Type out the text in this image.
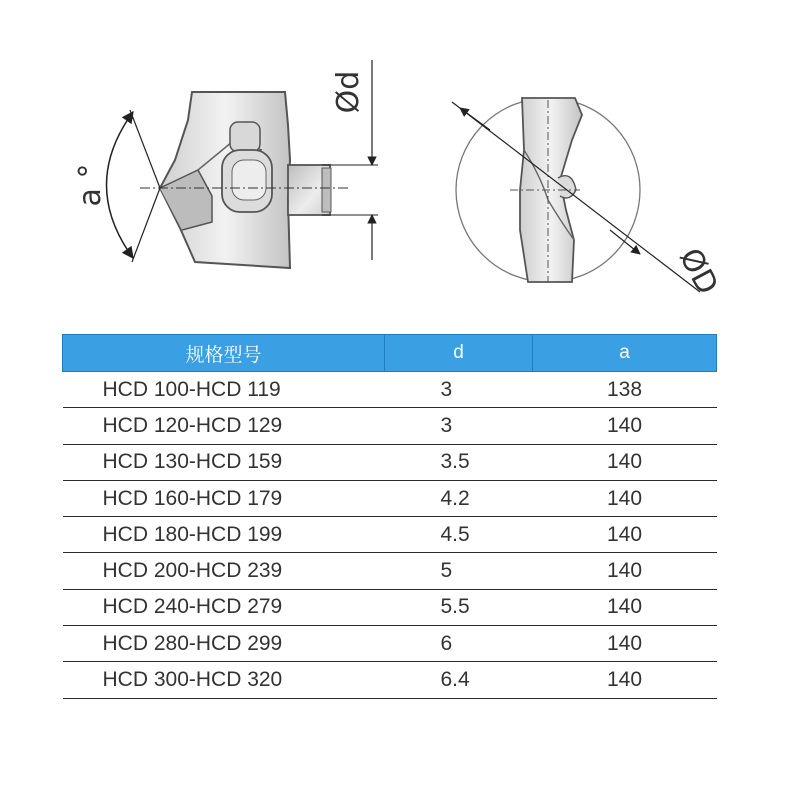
a °
Ød
ØD
规格型号	d	a
HCD 100-HCD 119	3	138
HCD 120-HCD 129	3	140
HCD 130-HCD 159	3.5	140
HCD 160-HCD 179	4.2	140
HCD 180-HCD 199	4.5	140
HCD 200-HCD 239	5	140
HCD 240-HCD 279	5.5	140
HCD 280-HCD 299	6	140
HCD 300-HCD 320	6.4	140
